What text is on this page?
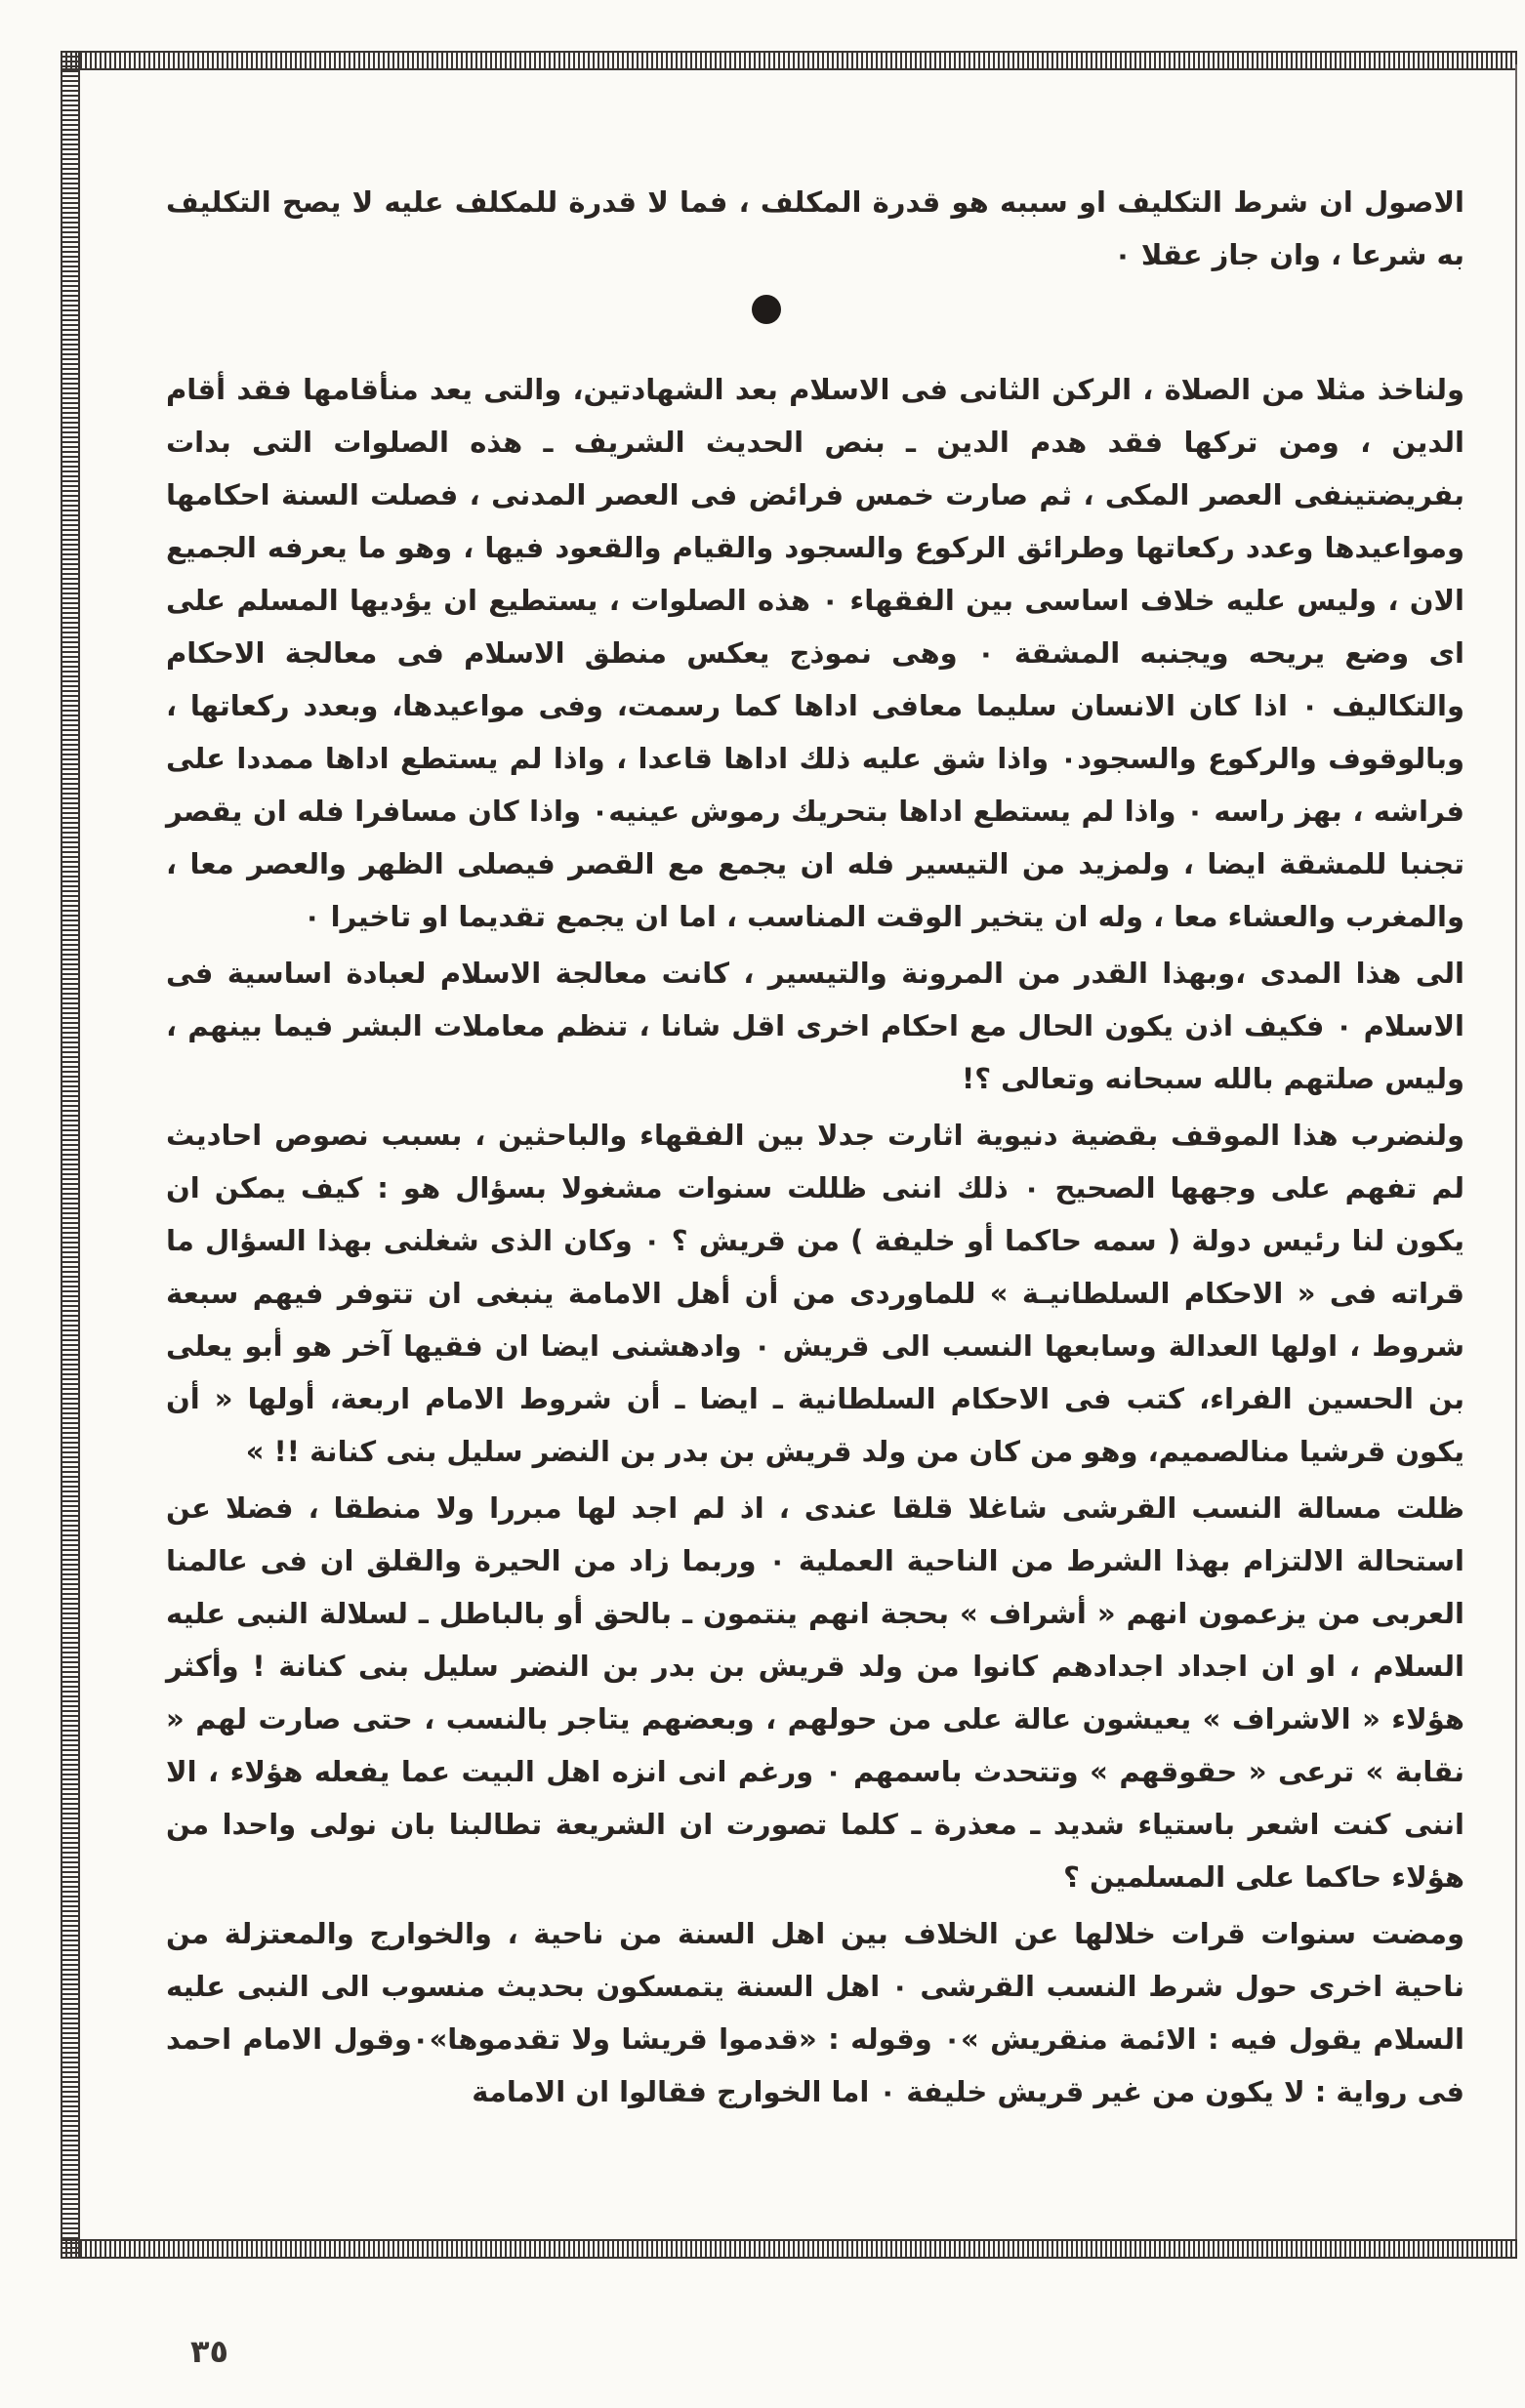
الاصول ان شرط التكليف او سببه هو قدرة المكلف ، فما لا قدرة للمكلف عليه لا يصح التكليف به شرعا ، وان جاز عقلا ٠

ولناخذ مثلا من الصلاة ، الركن الثانى فى الاسلام بعد الشهادتين، والتى يعد منأقامها فقد أقام الدين ، ومن تركها فقد هدم الدين ـ بنص الحديث الشريف ـ هذه الصلوات التى بدات بفريضتينفى العصر المكى ، ثم صارت خمس فرائض فى العصر المدنى ، فصلت السنة احكامها ومواعيدها وعدد ركعاتها وطرائق الركوع والسجود والقيام والقعود فيها ، وهو ما يعرفه الجميع الان ، وليس عليه خلاف اساسى بين الفقهاء ٠ هذه الصلوات ، يستطيع ان يؤديها المسلم على اى وضع يريحه ويجنبه المشقة ٠ وهى نموذج يعكس منطق الاسلام فى معالجة الاحكام والتكاليف ٠ اذا كان الانسان سليما معافى اداها كما رسمت، وفى مواعيدها، وبعدد ركعاتها ، وبالوقوف والركوع والسجود٠ واذا شق عليه ذلك اداها قاعدا ، واذا لم يستطع اداها ممددا على فراشه ، بهز راسه ٠ واذا لم يستطع اداها بتحريك رموش عينيه٠ واذا كان مسافرا فله ان يقصر تجنبا للمشقة ايضا ، ولمزيد من التيسير فله ان يجمع مع القصر فيصلى الظهر والعصر معا ، والمغرب والعشاء معا ، وله ان يتخير الوقت المناسب ، اما ان يجمع تقديما او تاخيرا ٠

الى هذا المدى ،وبهذا القدر من المرونة والتيسير ، كانت معالجة الاسلام لعبادة اساسية فى الاسلام ٠ فكيف اذن يكون الحال مع احكام اخرى اقل شانا ، تنظم معاملات البشر فيما بينهم ، وليس صلتهم بالله سبحانه وتعالى ؟!

ولنضرب هذا الموقف بقضية دنيوية اثارت جدلا بين الفقهاء والباحثين ، بسبب نصوص احاديث لم تفهم على وجهها الصحيح ٠ ذلك اننى ظللت سنوات مشغولا بسؤال هو : كيف يمكن ان يكون لنا رئيس دولة ( سمه حاكما أو خليفة ) من قريش ؟ ٠ وكان الذى شغلنى بهذا السؤال ما قراته فى « الاحكام السلطانيـة » للماوردى من أن أهل الامامة ينبغى ان تتوفر فيهم سبعة شروط ، اولها العدالة وسابعها النسب الى قريش ٠ وادهشنى ايضا ان فقيها آخر هو أبو يعلى بن الحسين الفراء، كتب فى الاحكام السلطانية ـ ايضا ـ أن شروط الامام اربعة، أولها « أن يكون قرشيا منالصميم، وهو من كان من ولد قريش بن بدر بن النضر سليل بنى كنانة !! »

ظلت مسالة النسب القرشى شاغلا قلقا عندى ، اذ لم اجد لها مبررا ولا منطقا ، فضلا عن استحالة الالتزام بهذا الشرط من الناحية العملية ٠ وربما زاد من الحيرة والقلق ان فى عالمنا العربى من يزعمون انهم « أشراف » بحجة انهم ينتمون ـ بالحق أو بالباطل ـ لسلالة النبى عليه السلام ، او ان اجداد اجدادهم كانوا من ولد قريش بن بدر بن النضر سليل بنى كنانة ! وأكثر هؤلاء « الاشراف » يعيشون عالة على من حولهم ، وبعضهم يتاجر بالنسب ، حتى صارت لهم « نقابة » ترعى « حقوقهم » وتتحدث باسمهم ٠ ورغم انى انزه اهل البيت عما يفعله هؤلاء ، الا اننى كنت اشعر باستياء شديد ـ معذرة ـ كلما تصورت ان الشريعة تطالبنا بان نولى واحدا من هؤلاء حاكما على المسلمين ؟

ومضت سنوات قرات خلالها عن الخلاف بين اهل السنة من ناحية ، والخوارج والمعتزلة من ناحية اخرى حول شرط النسب القرشى ٠ اهل السنة يتمسكون بحديث منسوب الى النبى عليه السلام يقول فيه : الائمة منقريش »٠ وقوله : «قدموا قريشا ولا تقدموها»٠وقول الامام احمد فى رواية : لا يكون من غير قريش خليفة ٠ اما الخوارج فقالوا ان الامامة

٣٥
